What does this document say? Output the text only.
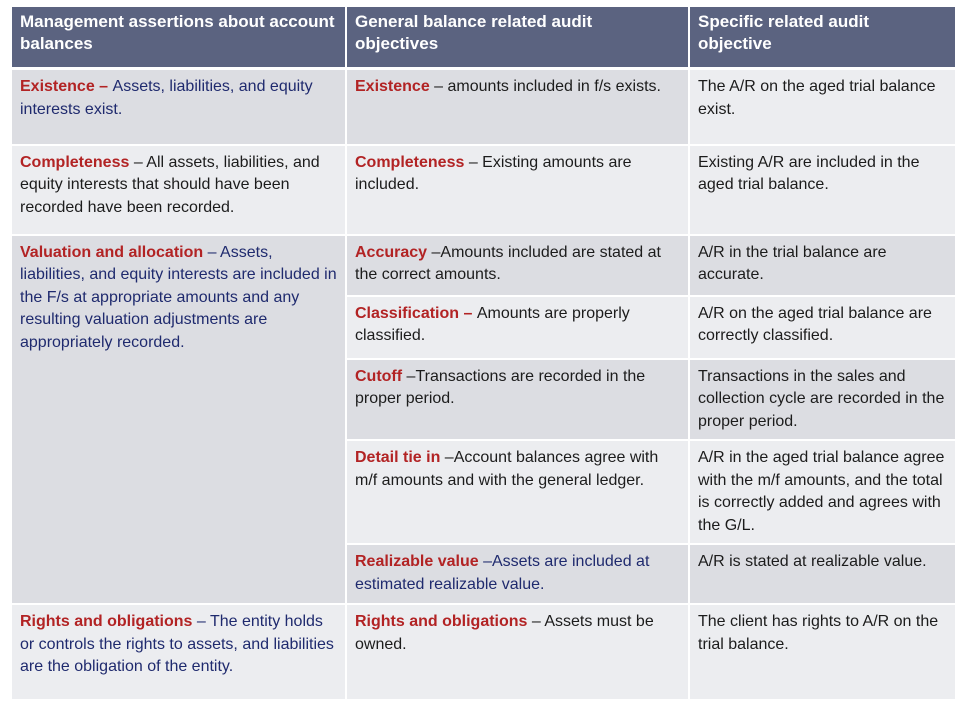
Management assertions about account balances	General balance related audit objectives	Specific related audit objective
Existence – Assets, liabilities, and equity interests exist.	Existence – amounts included in f/s exists.	The A/R on the aged trial balance exist.
Completeness – All assets, liabilities, and equity interests that should have been recorded have been recorded.	Completeness – Existing amounts are included.	Existing A/R are included in the aged trial balance.
Valuation and allocation – Assets, liabilities, and equity interests are included in the F/s at appropriate amounts and any resulting valuation adjustments are appropriately recorded.	Accuracy –Amounts included are stated at the correct amounts.	A/R in the trial balance are accurate.
	Classification – Amounts are properly classified.	A/R on the aged trial balance are correctly classified.
	Cutoff –Transactions are recorded in the proper period.	Transactions in the sales and collection cycle are recorded in the proper period.
	Detail tie in –Account balances agree with m/f amounts and with the general ledger.	A/R in the aged trial balance agree with the m/f amounts, and the total is correctly added and agrees with the G/L.
	Realizable value –Assets are included at estimated realizable value.	A/R is stated at realizable value.
Rights and obligations – The entity holds or controls the rights to assets, and liabilities are the obligation of the entity.	Rights and obligations – Assets must be owned.	The client has rights to A/R on the trial balance.
